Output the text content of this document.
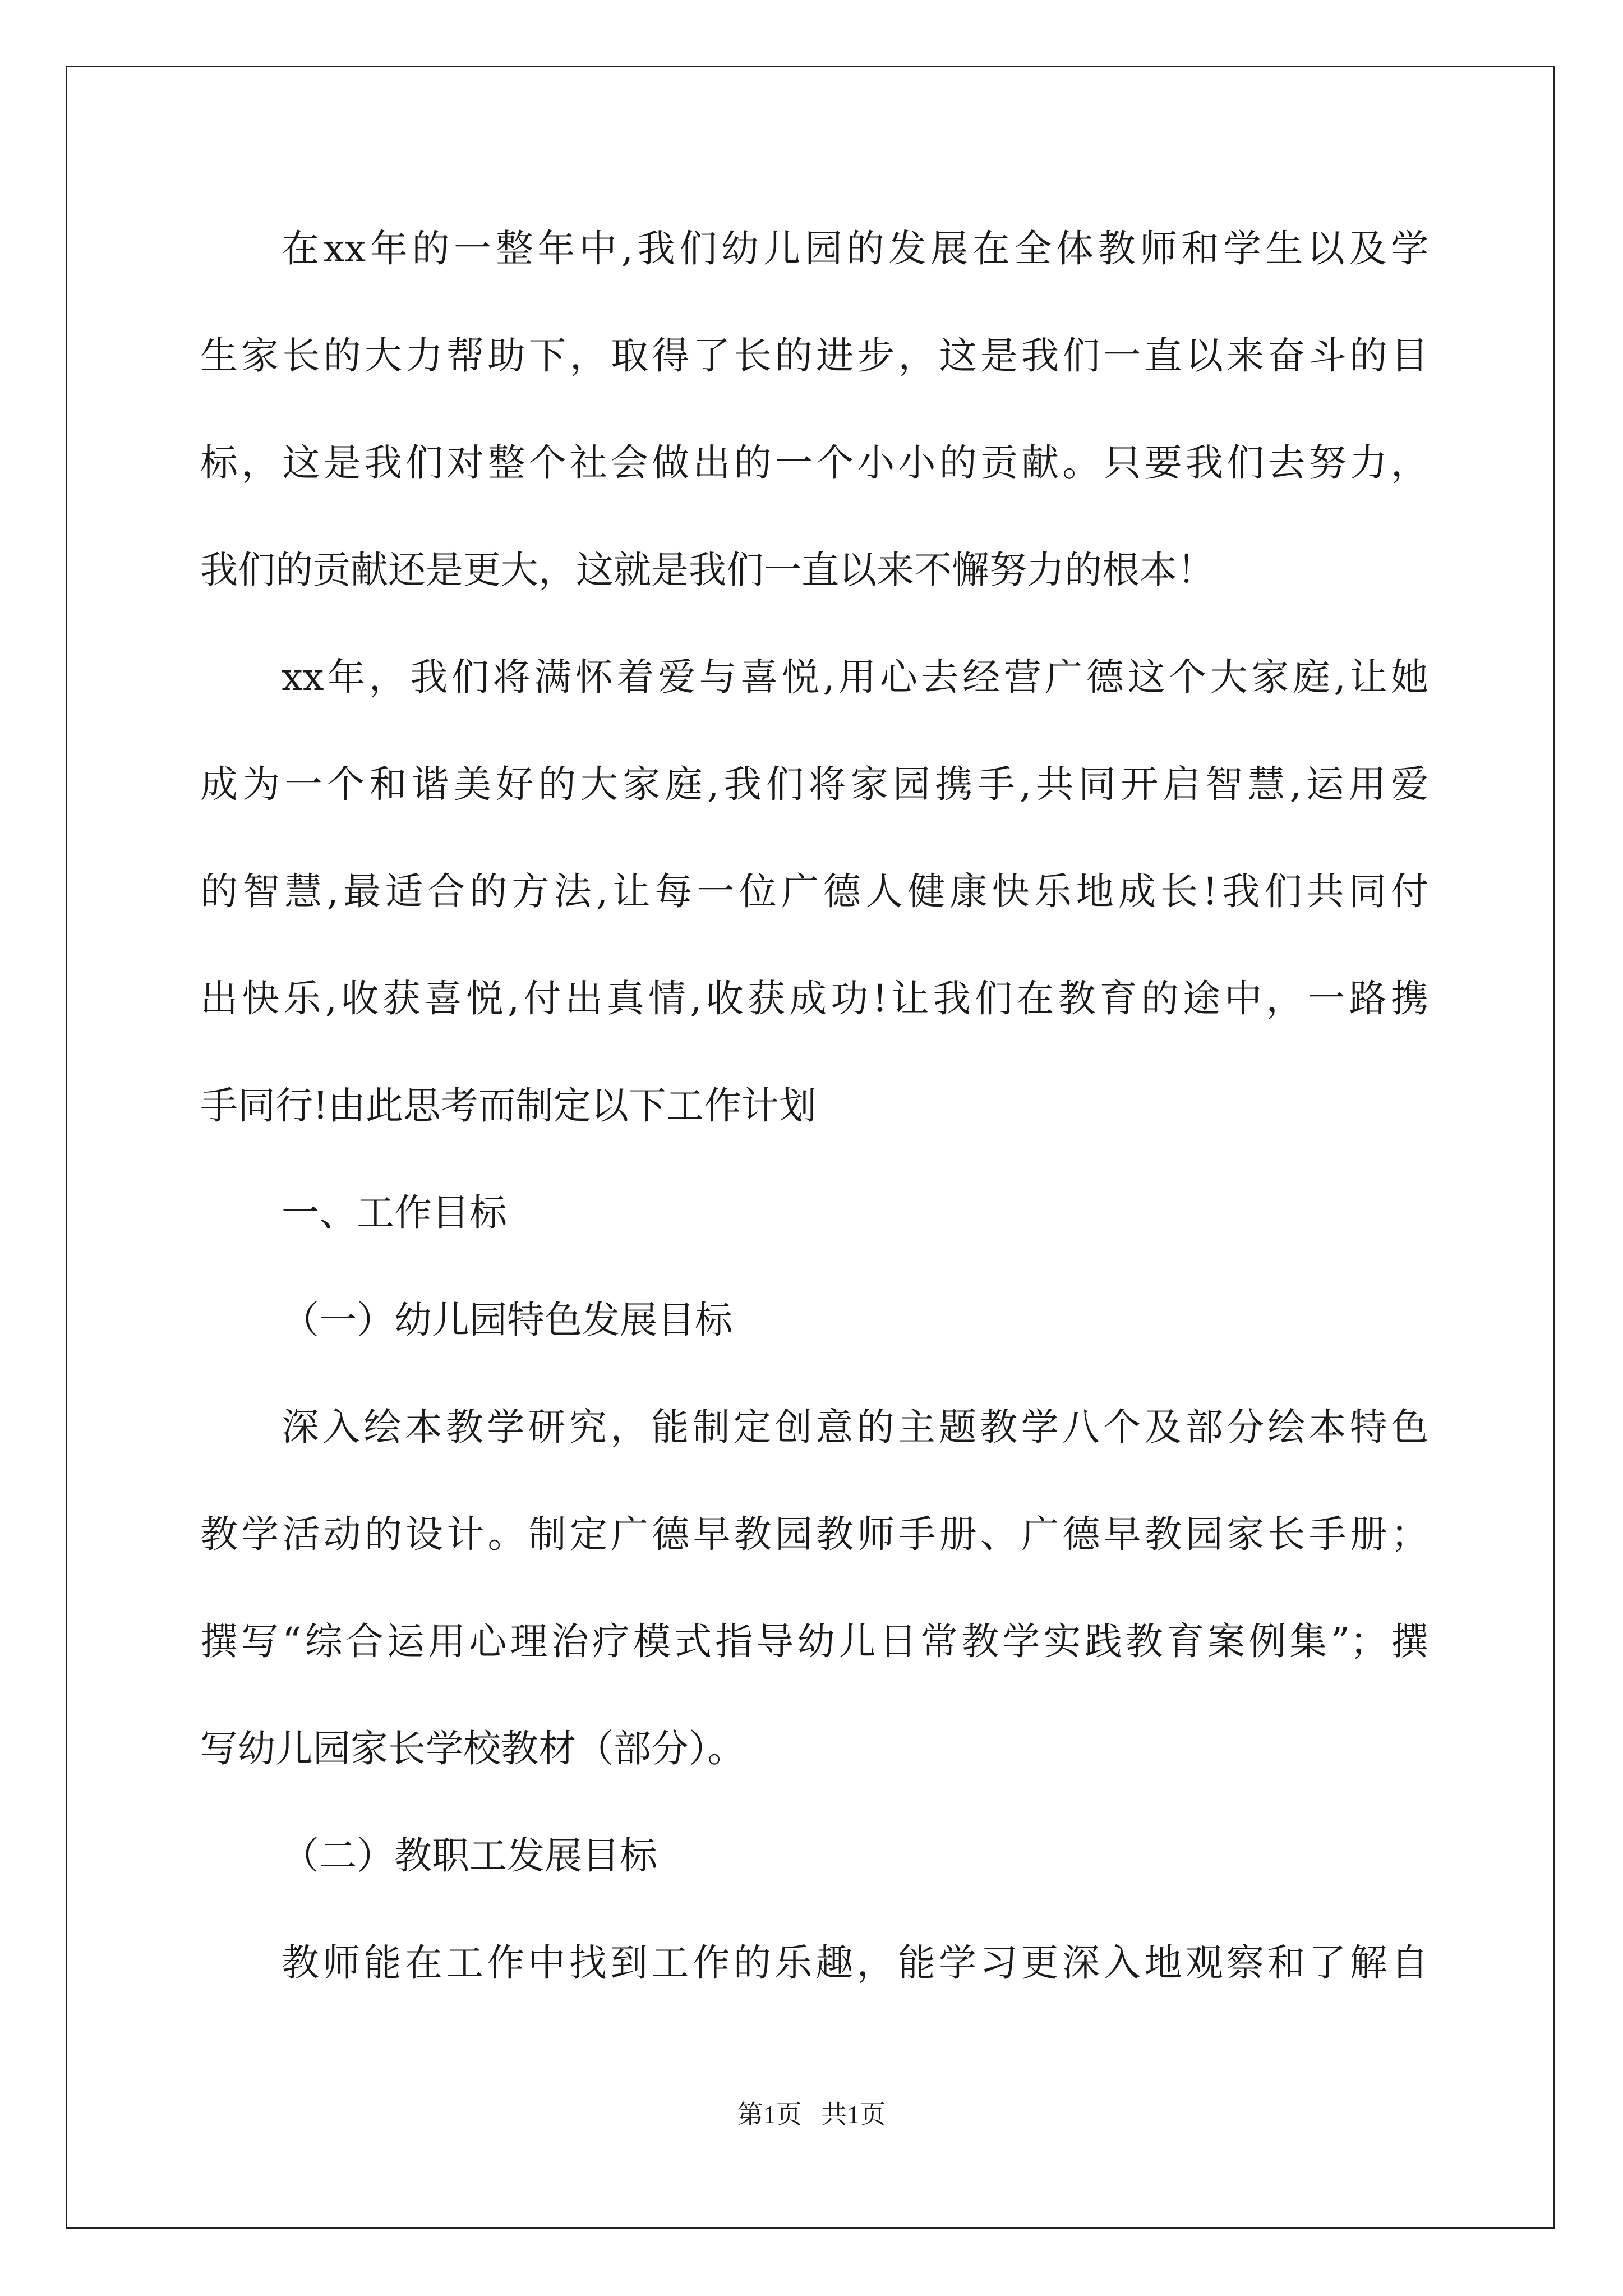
在xx年的一整年中,我们幼儿园的发展在全体教师和学生以及学
生家长的大力帮助下，取得了长的进步，这是我们一直以来奋斗的目
标，这是我们对整个社会做出的一个小小的贡献。只要我们去努力，
我们的贡献还是更大，这就是我们一直以来不懈努力的根本！
xx年，我们将满怀着爱与喜悦,用心去经营广德这个大家庭,让她
成为一个和谐美好的大家庭,我们将家园携手,共同开启智慧,运用爱
的智慧,最适合的方法,让每一位广德人健康快乐地成长!我们共同付
出快乐,收获喜悦,付出真情,收获成功!让我们在教育的途中，一路携
手同行!由此思考而制定以下工作计划
一、工作目标
（一）幼儿园特色发展目标
深入绘本教学研究，能制定创意的主题教学八个及部分绘本特色
教学活动的设计。制定广德早教园教师手册、广德早教园家长手册；
撰写“综合运用心理治疗模式指导幼儿日常教学实践教育案例集”；撰
写幼儿园家长学校教材（部分）。
（二）教职工发展目标
教师能在工作中找到工作的乐趣，能学习更深入地观察和了解自
第1页   共1页
